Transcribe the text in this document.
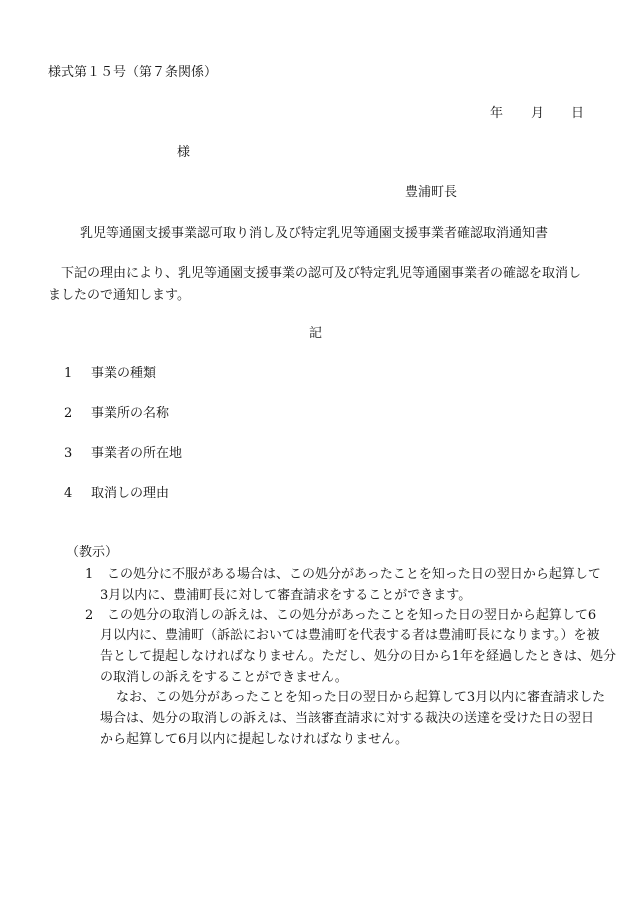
様式第１５号（第７条関係）

年 月 日

様

豊浦町長

乳児等通園支援事業認可取り消し及び特定乳児等通園支援事業者確認取消通知書

下記の理由により、乳児等通園支援事業の認可及び特定乳児等通園事業者の確認を取消し

ましたので通知します。

記

1 事業の種類
2 事業所の名称
3 事業者の所在地
4 取消しの理由

（教示）

1 この処分に不服がある場合は、この処分があったことを知った日の翌日から起算して
3月以内に、豊浦町長に対して審査請求をすることができます。
2 この処分の取消しの訴えは、この処分があったことを知った日の翌日から起算して6
月以内に、豊浦町（訴訟においては豊浦町を代表する者は豊浦町長になります。）を被
告として提起しなければなりません。ただし、処分の日から1年を経過したときは、処分
の取消しの訴えをすることができません。
なお、この処分があったことを知った日の翌日から起算して3月以内に審査請求した
場合は、処分の取消しの訴えは、当該審査請求に対する裁決の送達を受けた日の翌日
から起算して6月以内に提起しなければなりません。
